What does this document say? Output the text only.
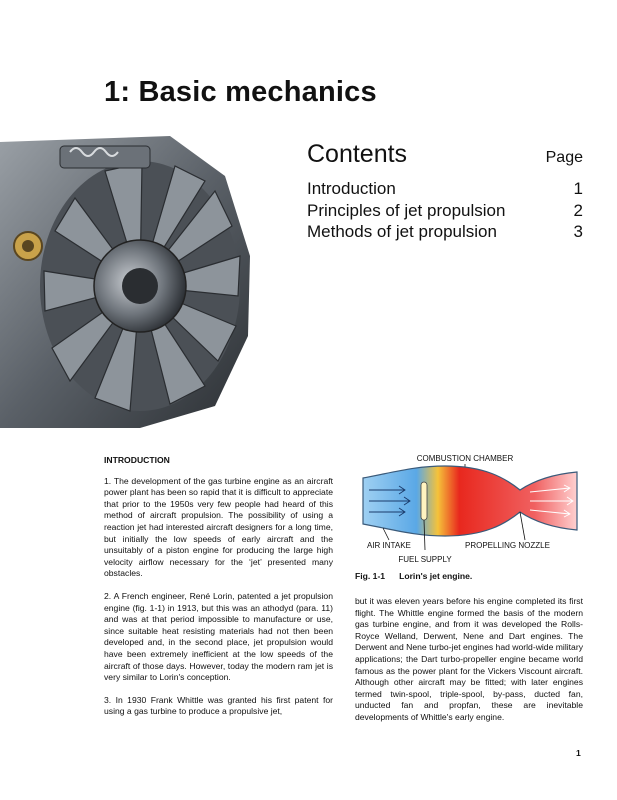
1: Basic mechanics
Contents	Page
Introduction	1
Principles of jet propulsion	2
Methods of jet propulsion	3
INTRODUCTION

1. The development of the gas turbine engine as an aircraft power plant has been so rapid that it is difficult to appreciate that prior to the 1950s very few people had heard of this method of aircraft propulsion. The possibility of using a reaction jet had interested aircraft designers for a long time, but initially the low speeds of early aircraft and the unsuitably of a piston engine for producing the large high velocity airflow necessary for the ‘jet’ presented many obstacles.

2. A French engineer, René Lorin, patented a jet propulsion engine (fig. 1-1) in 1913, but this was an athodyd (para. 11) and was at that period impossible to manufacture or use, since suitable heat resisting materials had not then been developed and, in the second place, jet propulsion would have been extremely inefficient at the low speeds of the aircraft of those days. However, today the modern ram jet is very similar to Lorin's conception.

3. In 1930 Frank Whittle was granted his first patent for using a gas turbine to produce a propulsive jet,

COMBUSTION CHAMBER
AIR INTAKE	PROPELLING NOZZLE
FUEL SUPPLY
Fig. 1-1 Lorin's jet engine.

but it was eleven years before his engine completed its first flight. The Whittle engine formed the basis of the modern gas turbine engine, and from it was developed the Rolls-Royce Welland, Derwent, Nene and Dart engines. The Derwent and Nene turbo-jet engines had world-wide military applications; the Dart turbo-propeller engine became world famous as the power plant for the Vickers Viscount aircraft. Although other aircraft may be fitted; with later engines termed twin-spool, triple-spool, by-pass, ducted fan, unducted fan and propfan, these are inevitable developments of Whittle's early engine.

1
